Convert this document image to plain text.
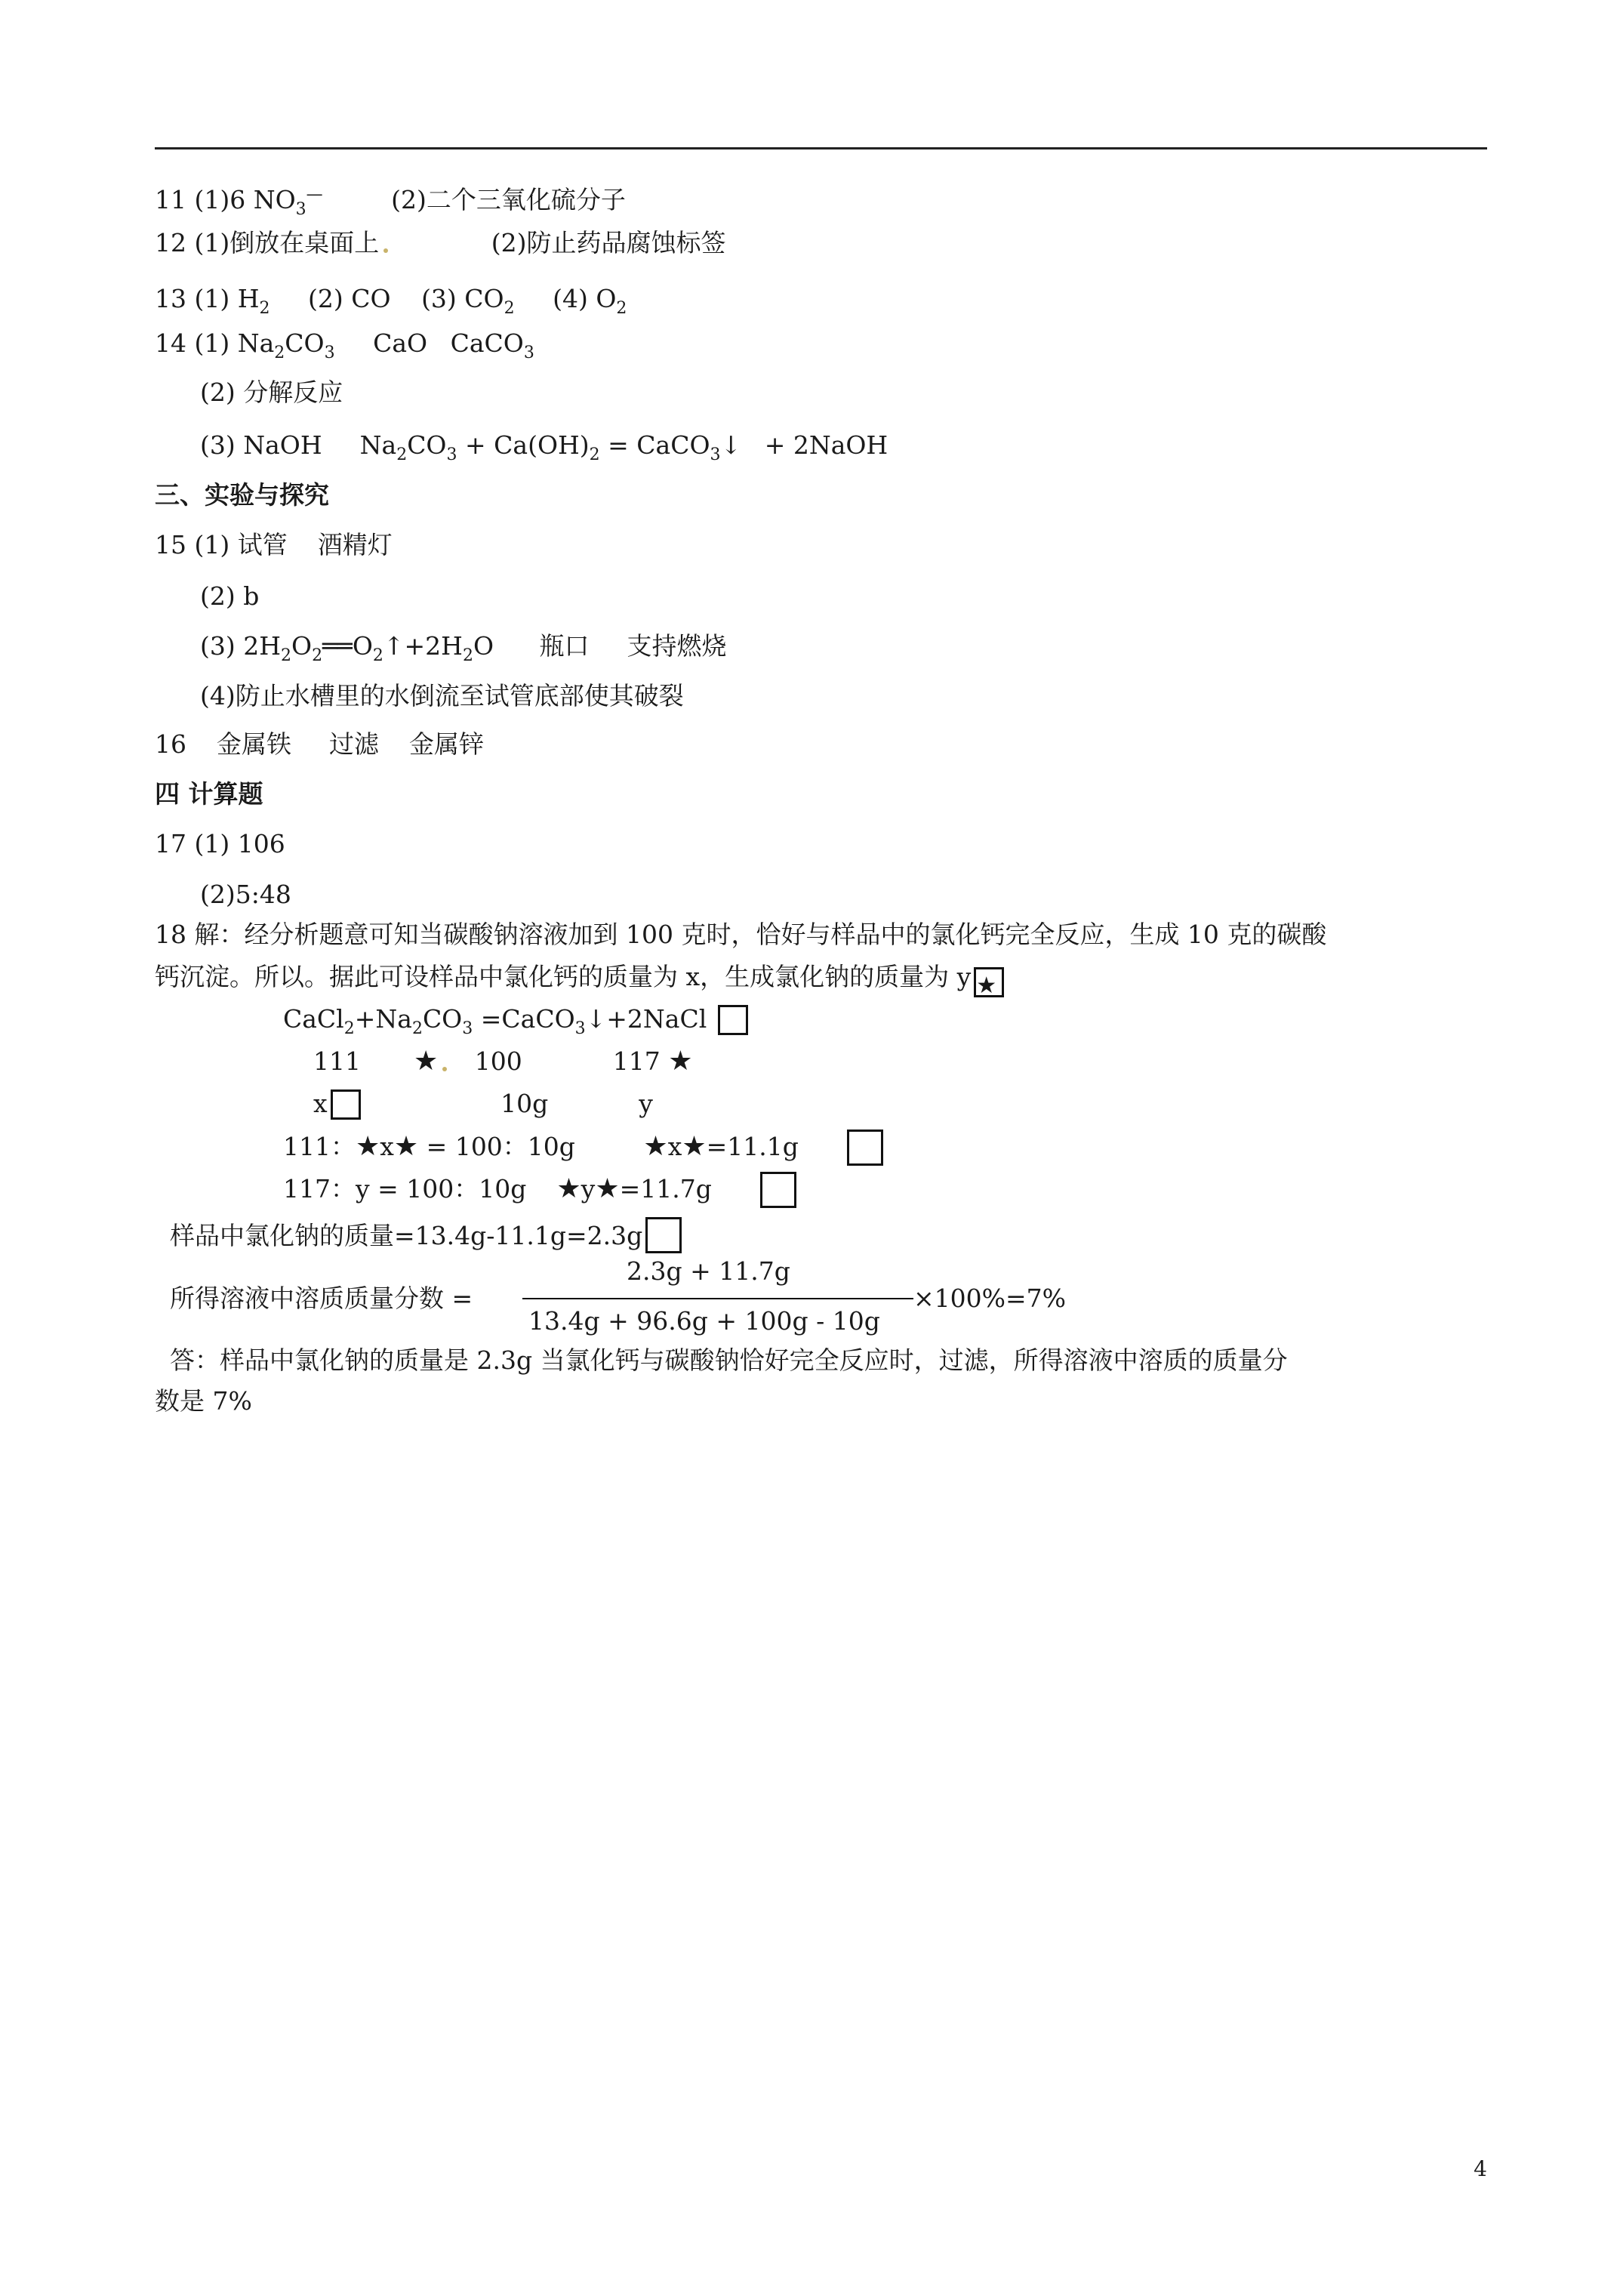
11 (1)6 $NO_3^—$	(2)二个三氧化硫分子
12 (1)倒放在桌面上	(2)防止药品腐蚀标签
13 (1) $H_2$ (2) CO (3) $CO_2$ (4) $O_2$
14 (1) $Na_2CO_3$ CaO CaCO$_3$
(2) 分解反应
(3) NaOH $Na_2CO_3 + Ca(OH)_2$ = CaCO$_3$↓ + 2NaOH
三、实验与探究
15 (1) 试管 酒精灯
(2) b
(3) $2H_2O_2══O_2↑+2H_2O$ 瓶口 支持燃烧
(4)防止水槽里的水倒流至试管底部使其破裂
16 金属铁 过滤 金属锌
四 计算题
17 (1) 106
(2)5:48
18 解：经分析题意可知当碳酸钠溶液加到 100 克时，恰好与样品中的氯化钙完全反应，生成 10 克的碳酸
钙沉淀。所以。据此可设样品中氯化钙的质量为 x，生成氯化钠的质量为 y ★
$CaCl_2+Na_2CO_3$ =CaCO$_3$↓+2NaCl
111 ★ 100	117 ★
x	10g	y
111：★x★ = 100：10g	★x★=11.1g
117：y = 100：10g ★y★=11.7g
样品中氯化钠的质量=13.4g-11.1g=2.3g
所得溶液中溶质质量分数 =
2.3g + 11.7g
13.4g + 96.6g + 100g - 10g
×100%=7%
答：样品中氯化钠的质量是 2.3g 当氯化钙与碳酸钠恰好完全反应时，过滤，所得溶液中溶质的质量分
数是 7%
4
